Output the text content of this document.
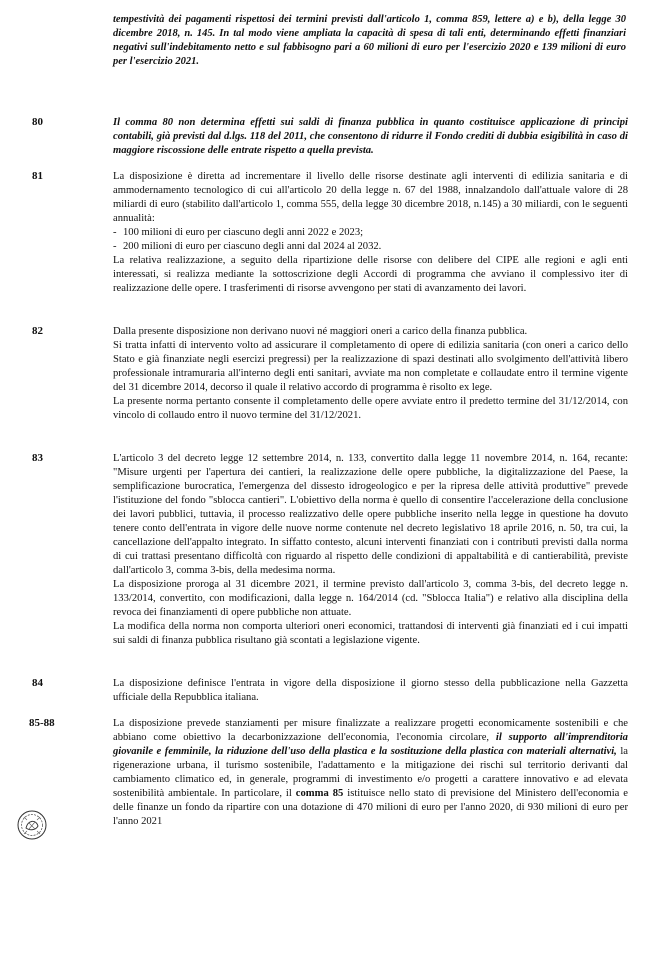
tempestività dei pagamenti rispettosi dei termini previsti dall'articolo 1, comma 859, lettere a) e b), della legge 30 dicembre 2018, n. 145. In tal modo viene ampliata la capacità di spesa di tali enti, determinando effetti finanziari negativi sull'indebitamento netto e sul fabbisogno pari a 60 milioni di euro per l'esercizio 2020 e 139 milioni di euro per l'esercizio 2021.
80	Il comma 80 non determina effetti sui saldi di finanza pubblica in quanto costituisce applicazione di principi contabili, già previsti dal d.lgs. 118 del 2011, che consentono di ridurre il Fondo crediti di dubbia esigibilità in caso di maggiore riscossione delle entrate rispetto a quella prevista.
81	La disposizione è diretta ad incrementare il livello delle risorse destinate agli interventi di edilizia sanitaria e di ammodernamento tecnologico di cui all'articolo 20 della legge n. 67 del 1988, innalzandolo dall'attuale valore di 28 miliardi di euro (stabilito dall'articolo 1, comma 555, della legge 30 dicembre 2018, n.145) a 30 miliardi, con le seguenti annualità:

- 100 milioni di euro per ciascuno degli anni 2022 e 2023;
- 200 milioni di euro per ciascuno degli anni dal 2024 al 2032.

La relativa realizzazione, a seguito della ripartizione delle risorse con delibere del CIPE alle regioni e agli enti interessati, si realizza mediante la sottoscrizione degli Accordi di programma che avviano il complessivo iter di realizzazione delle opere. I trasferimenti di risorse avvengono per stati di avanzamento dei lavori.

82	Dalla presente disposizione non derivano nuovi né maggiori oneri a carico della finanza pubblica.

Si tratta infatti di intervento volto ad assicurare il completamento di opere di edilizia sanitaria (con oneri a carico dello Stato e già finanziate negli esercizi pregressi) per la realizzazione di spazi destinati allo svolgimento dell'attività libero professionale intramuraria all'interno degli enti sanitari, avviate ma non completate e collaudate entro il termine vigente del 31 dicembre 2014, decorso il quale il relativo accordo di programma è risolto ex lege.

La presente norma pertanto consente il completamento delle opere avviate entro il predetto termine del 31/12/2014, con vincolo di collaudo entro il nuovo termine del 31/12/2021.

83	L'articolo 3 del decreto legge 12 settembre 2014, n. 133, convertito dalla legge 11 novembre 2014, n. 164, recante: "Misure urgenti per l'apertura dei cantieri, la realizzazione delle opere pubbliche, la digitalizzazione del Paese, la semplificazione burocratica, l'emergenza del dissesto idrogeologico e per la ripresa delle attività produttive" prevede l'istituzione del fondo "sblocca cantieri". L'obiettivo della norma è quello di consentire l'accelerazione della conclusione dei lavori pubblici, tuttavia, il processo realizzativo delle opere pubbliche inserito nella legge in questione ha dovuto tenere conto dell'entrata in vigore delle nuove norme contenute nel decreto legislativo 18 aprile 2016, n. 50, tra cui, la cancellazione dell'appalto integrato. In siffatto contesto, alcuni interventi finanziati con i contributi previsti dalla norma di cui trattasi presentano difficoltà con riguardo al rispetto delle condizioni di appaltabilità e di cantierabilità, previste dall'articolo 3, comma 3-bis, della medesima norma.

La disposizione proroga al 31 dicembre 2021, il termine previsto dall'articolo 3, comma 3-bis, del decreto legge n. 133/2014, convertito, con modificazioni, dalla legge n. 164/2014 (cd. "Sblocca Italia") e relativo alla disciplina della revoca dei finanziamenti di opere pubbliche non attuate.

La modifica della norma non comporta ulteriori oneri economici, trattandosi di interventi già finanziati ed i cui impatti sui saldi di finanza pubblica risultano già scontati a legislazione vigente.

84	La disposizione definisce l'entrata in vigore della disposizione il giorno stesso della pubblicazione nella Gazzetta ufficiale della Repubblica italiana.

85-88	La disposizione prevede stanziamenti per misure finalizzate a realizzare progetti economicamente sostenibili e che abbiano come obiettivo la decarbonizzazione dell'economia, l'economia circolare, il supporto all'imprenditoria giovanile e femminile, la riduzione dell'uso della plastica e la sostituzione della plastica con materiali alternativi, la rigenerazione urbana, il turismo sostenibile, l'adattamento e la mitigazione dei rischi sul territorio derivanti dal cambiamento climatico ed, in generale, programmi di investimento e/o progetti a carattere innovativo e ad elevata sostenibilità ambientale. In particolare, il comma 85 istituisce nello stato di previsione del Ministero dell'economia e delle finanze un fondo da ripartire con una dotazione di 470 milioni di euro per l'anno 2020, di 930 milioni di euro per l'anno 2021
